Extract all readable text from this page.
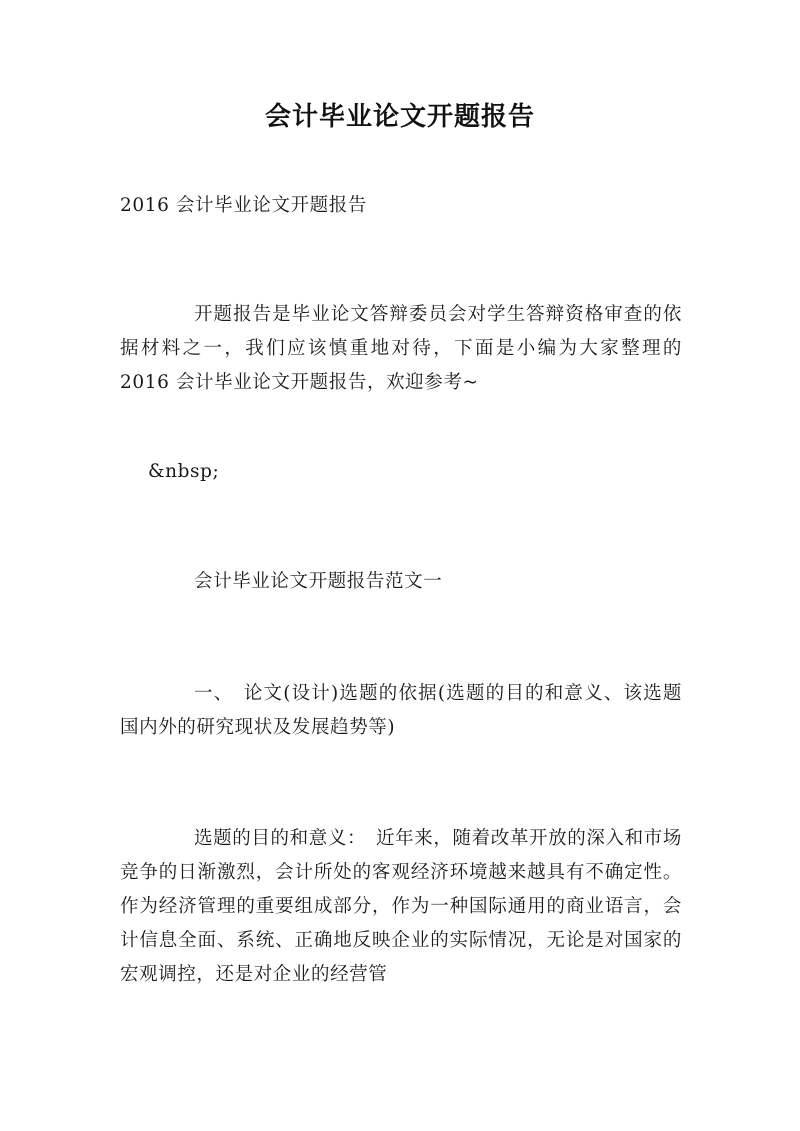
会计毕业论文开题报告

2016 会计毕业论文开题报告

开题报告是毕业论文答辩委员会对学生答辩资格审查的依据材料之一，我们应该慎重地对待，下面是小编为大家整理的2016 会计毕业论文开题报告，欢迎参考~

&nbsp;

会计毕业论文开题报告范文一

一、　论文(设计)选题的依据(选题的目的和意义、该选题国内外的研究现状及发展趋势等)

选题的目的和意义：　近年来，随着改革开放的深入和市场竞争的日渐激烈，会计所处的客观经济环境越来越具有不确定性。作为经济管理的重要组成部分，作为一种国际通用的商业语言，会计信息全面、系统、正确地反映企业的实际情况，无论是对国家的宏观调控，还是对企业的经营管
